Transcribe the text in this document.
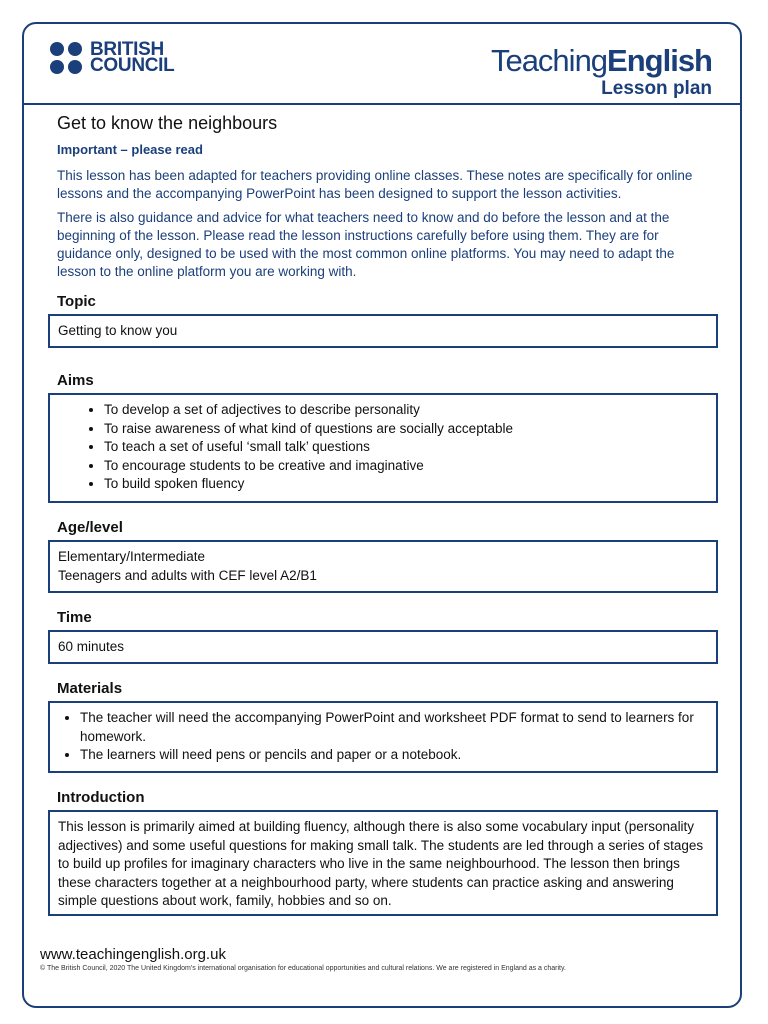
BRITISH
COUNCIL	TeachingEnglish
Lesson plan
Get to know the neighbours
Important – please read

This lesson has been adapted for teachers providing online classes. These notes are specifically for online lessons and the accompanying PowerPoint has been designed to support the lesson activities.

There is also guidance and advice for what teachers need to know and do before the lesson and at the beginning of the lesson. Please read the lesson instructions carefully before using them. They are for guidance only, designed to be used with the most common online platforms. You may need to adapt the lesson to the online platform you are working with.

Topic
Getting to know you
Aims
• To develop a set of adjectives to describe personality
• To raise awareness of what kind of questions are socially acceptable
• To teach a set of useful ‘small talk’ questions
• To encourage students to be creative and imaginative
• To build spoken fluency
Age/level
Elementary/Intermediate
Teenagers and adults with CEF level A2/B1
Time
60 minutes
Materials
• The teacher will need the accompanying PowerPoint and worksheet PDF format to send to learners for homework.
• The learners will need pens or pencils and paper or a notebook.
Introduction
This lesson is primarily aimed at building fluency, although there is also some vocabulary input (personality adjectives) and some useful questions for making small talk. The students are led through a series of stages to build up profiles for imaginary characters who live in the same neighbourhood. The lesson then brings these characters together at a neighbourhood party, where students can practice asking and answering simple questions about work, family, hobbies and so on.
www.teachingenglish.org.uk
© The British Council, 2020 The United Kingdom’s international organisation for educational opportunities and cultural relations. We are registered in England as a charity.
